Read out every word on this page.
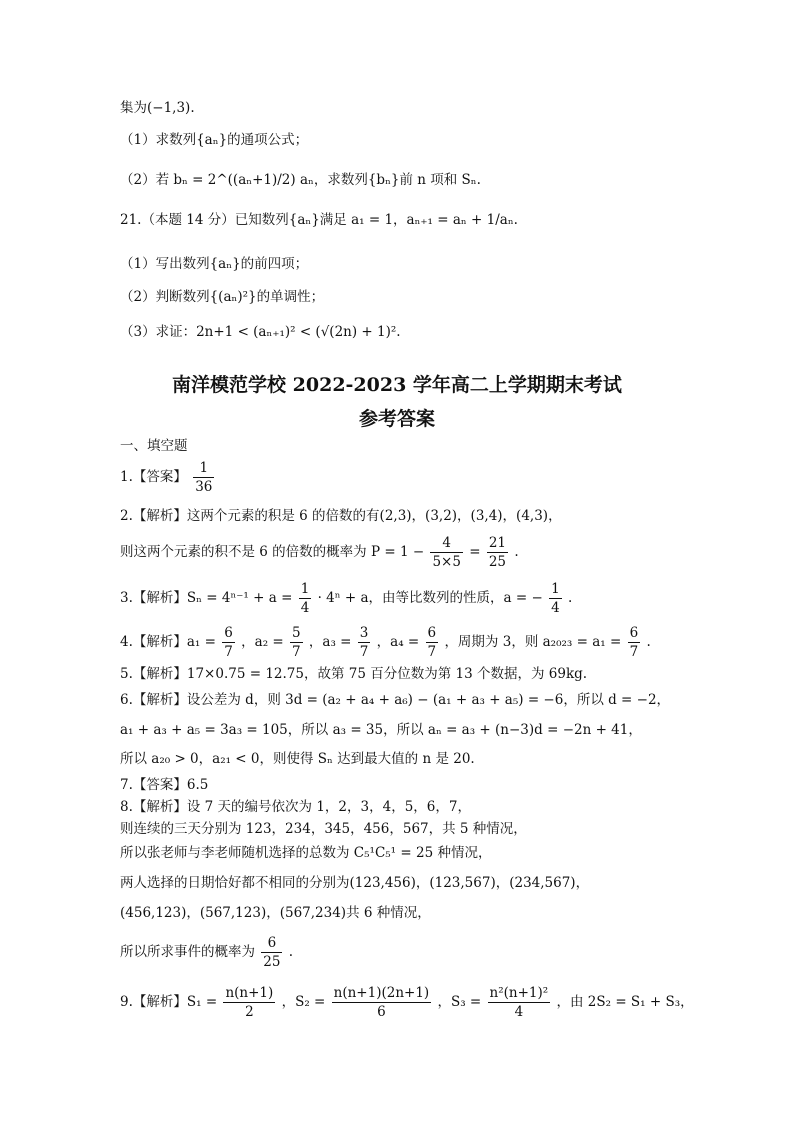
集为(−1,3).
（1）求数列{aₙ}的通项公式；
（2）若 bₙ = 2^((aₙ+1)/2) aₙ，求数列{bₙ}前 n 项和 Sₙ.
21.（本题 14 分）已知数列{aₙ}满足 a₁ = 1，aₙ₊₁ = aₙ + 1/aₙ.
（1）写出数列{aₙ}的前四项；
（2）判断数列{(aₙ)²}的单调性；
（3）求证：2n+1 < (aₙ₊₁)² < (√(2n) + 1)².
南洋模范学校 2022-2023 学年高二上学期期末考试
参考答案
一、填空题
1.【答案】 $\frac{1}{36}$
2.【解析】这两个元素的积是 6 的倍数的有(2,3)，(3,2)，(3,4)，(4,3)，
则这两个元素的积不是 6 的倍数的概率为 $P = 1 - \frac{4}{5\times 5} = \frac{21}{25}$ .
3.【解析】$S_n = 4^{n-1} + a = \frac{1}{4} \cdot 4^n + a$，由等比数列的性质，a = − $\frac{1}{4}$ .
4.【解析】$a_1 = \frac{6}{7}$ ，$a_2 = \frac{5}{7}$ ，$a_3 = \frac{3}{7}$ ，$a_4 = \frac{6}{7}$ ，周期为 3，则 $a_{2023} = a_1 = \frac{6}{7}$ .
5.【解析】17×0.75 = 12.75，故第 75 百分位数为第 13 个数据，为 69kg.
6.【解析】设公差为 d，则 3d = (a₂ + a₄ + a₆) − (a₁ + a₃ + a₅) = −6，所以 d = −2，
a₁ + a₃ + a₅ = 3a₃ = 105，所以 a₃ = 35，所以 aₙ = a₃ + (n−3)d = −2n + 41，
所以 a₂₀ > 0，a₂₁ < 0，则使得 Sₙ 达到最大值的 n 是 20.
7.【答案】6.5
8.【解析】设 7 天的编号依次为 1，2，3，4，5，6，7，
则连续的三天分别为 123，234，345，456，567，共 5 种情况，
所以张老师与李老师随机选择的总数为 C₅¹C₅¹ = 25 种情况，
两人选择的日期恰好都不相同的分别为(123,456)，(123,567)，(234,567)，
(456,123)，(567,123)，(567,234)共 6 种情况，
所以所求事件的概率为 $\frac{6}{25}$ .
9.【解析】$S_1 = \frac{n(n+1)}{2}$ ，$S_2 = \frac{n(n+1)(2n+1)}{6}$ ，$S_3 = \frac{\text{n²(n+1)²}}{4}$ ，由 2S₂ = S₁ + S₃，
